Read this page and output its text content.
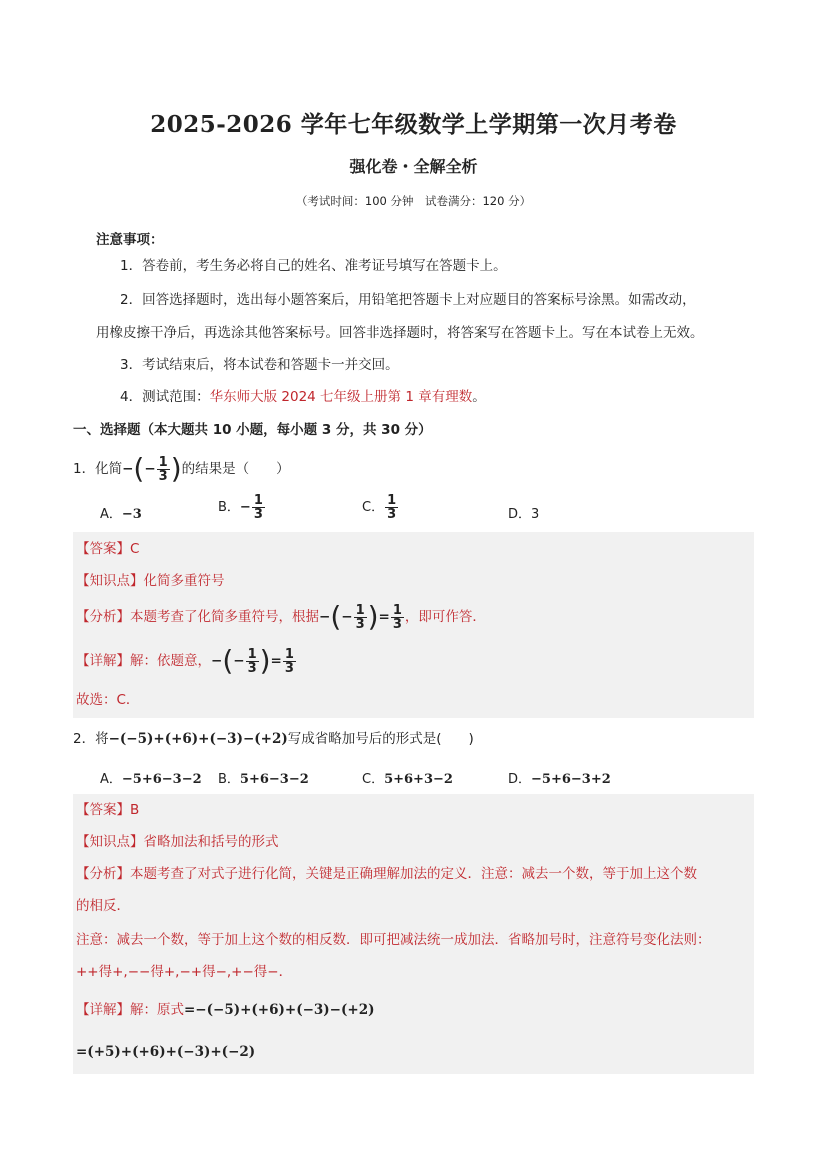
2025-2026 学年七年级数学上学期第一次月考卷
强化卷・全解全析
（考试时间：100 分钟　试卷满分：120 分）
注意事项：
1．答卷前，考生务必将自己的姓名、准考证号填写在答题卡上。
2．回答选择题时，选出每小题答案后，用铅笔把答题卡上对应题目的答案标号涂黑。如需改动，
用橡皮擦干净后，再选涂其他答案标号。回答非选择题时，将答案写在答题卡上。写在本试卷上无效。
3．考试结束后，将本试卷和答题卡一并交回。
4．测试范围：华东师大版 2024 七年级上册第 1 章有理数。
一、选择题（本大题共 10 小题，每小题 3 分，共 30 分）
1．化简−(− $\frac{1}{3}$ )的结果是（　　）
A．−3	B．− $\frac{1}{3}$	C． $\frac{1}{3}$	D．3
【答案】C
【知识点】化简多重符号
【分析】本题考查了化简多重符号，根据−(− $\frac{1}{3}$ )= $\frac{1}{3}$ ，即可作答．
【详解】解：依题意，−(− $\frac{1}{3}$ )= $\frac{1}{3}$
故选：C．
2．将−(−5)+(+6)+(−3)−(+2)写成省略加号后的形式是(　　)
A．−5+6−3−2 B．5+6−3−2	C．5+6+3−2	D．−5+6−3+2
【答案】B
【知识点】省略加法和括号的形式
【分析】本题考查了对式子进行化简，关键是正确理解加法的定义．注意：减去一个数，等于加上这个数
的相反．
注意：减去一个数，等于加上这个数的相反数．即可把减法统一成加法．省略加号时，注意符号变化法则：
++得+,−−得+,−+得−,+−得−．
【详解】解：原式=−(−5)+(+6)+(−3)−(+2)
=(+5)+(+6)+(−3)+(−2)
